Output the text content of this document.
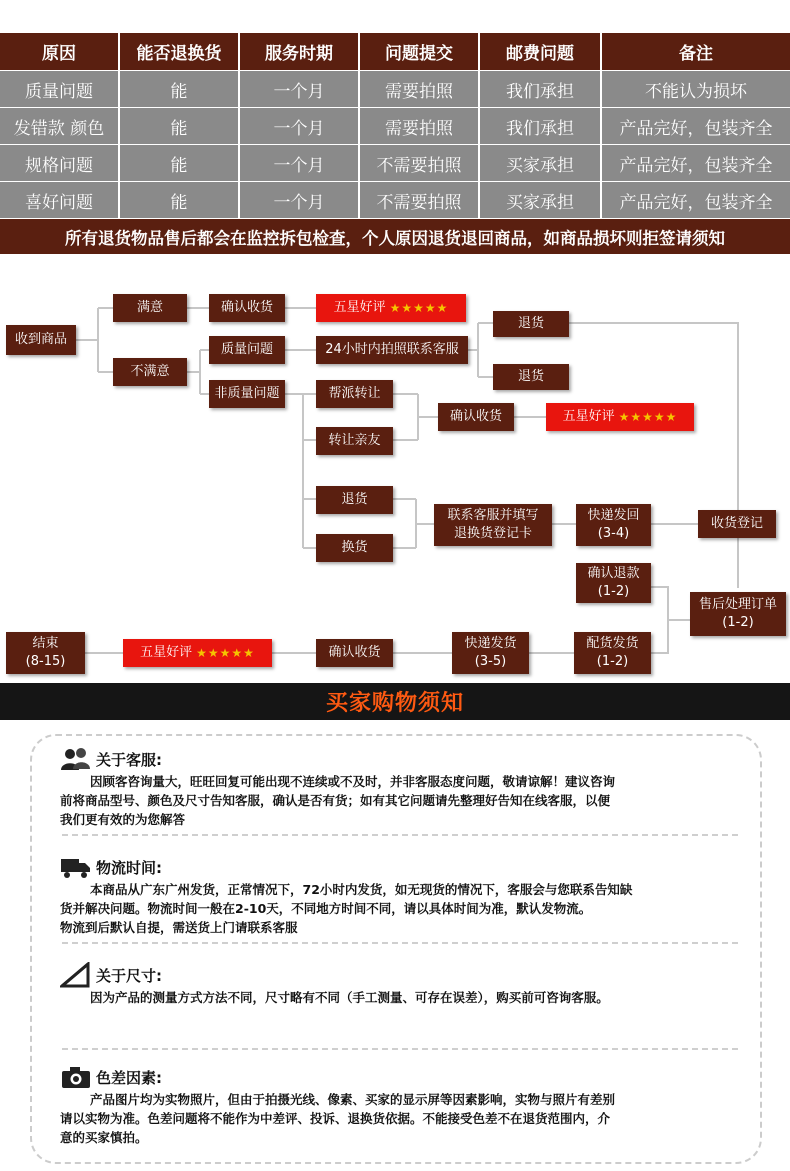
原因	能否退换货	服务时期	问题提交	邮费问题	备注
质量问题	能	一个月	需要拍照	我们承担	不能认为损坏
发错款 颜色	能	一个月	需要拍照	我们承担	产品完好，包装齐全
规格问题	能	一个月	不需要拍照	买家承担	产品完好，包装齐全
喜好问题	能	一个月	不需要拍照	买家承担	产品完好，包装齐全
所有退货物品售后都会在监控拆包检查，个人原因退货退回商品，如商品损坏则拒签请须知
收到商品
满意	确认收货	五星好评 ★★★★★
不满意
质量问题	24小时内拍照联系客服
退货
退货
非质量问题	帮派转让
转让亲友
确认收货	五星好评 ★★★★★
退货
换货
联系客服并填写
退换货登记卡
快递发回
(3-4)
收货登记
确认退款
(1-2)
售后处理订单
(1-2)
结束
(8-15)
五星好评 ★★★★★	确认收货
快递发货
(3-5)
配货发货
(1-2)
买家购物须知
关于客服:
因顾客咨询量大，旺旺回复可能出现不连续或不及时，并非客服态度问题，敬请谅解！建议咨询
前将商品型号、颜色及尺寸告知客服，确认是否有货；如有其它问题请先整理好告知在线客服，以便
我们更有效的为您解答
物流时间:
本商品从广东广州发货，正常情况下，72小时内发货，如无现货的情况下，客服会与您联系告知缺
货并解决问题。物流时间一般在2-10天，不同地方时间不同，请以具体时间为准，默认发物流。
物流到后默认自提，需送货上门请联系客服
关于尺寸:
因为产品的测量方式方法不同，尺寸略有不同（手工测量、可存在误差），购买前可咨询客服。
色差因素:
产品图片均为实物照片，但由于拍摄光线、像素、买家的显示屏等因素影响，实物与照片有差别
请以实物为准。色差问题将不能作为中差评、投诉、退换货依据。不能接受色差不在退货范围内，介
意的买家慎拍。
